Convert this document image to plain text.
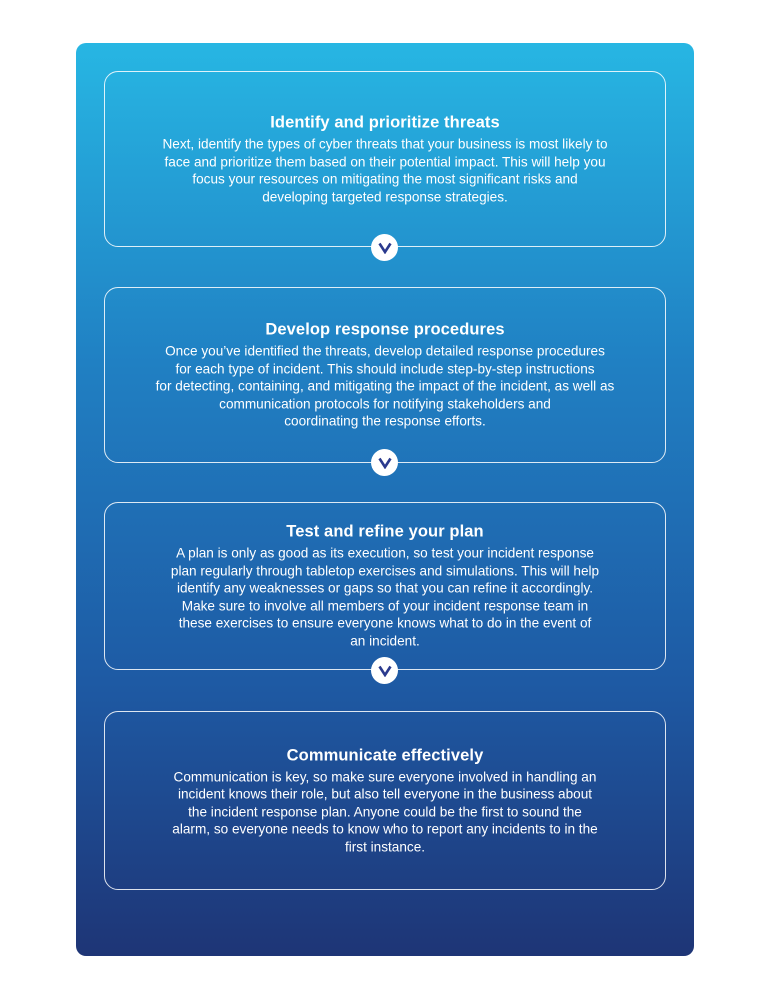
Identify and prioritize threats

Next, identify the types of cyber threats that your business is most likely to
face and prioritize them based on their potential impact. This will help you
focus your resources on mitigating the most significant risks and
developing targeted response strategies.

Develop response procedures

Once you’ve identified the threats, develop detailed response procedures
for each type of incident. This should include step-by-step instructions
for detecting, containing, and mitigating the impact of the incident, as well as
communication protocols for notifying stakeholders and
coordinating the response efforts.

Test and refine your plan

A plan is only as good as its execution, so test your incident response
plan regularly through tabletop exercises and simulations. This will help
identify any weaknesses or gaps so that you can refine it accordingly.
Make sure to involve all members of your incident response team in
these exercises to ensure everyone knows what to do in the event of
an incident.

Communicate effectively

Communication is key, so make sure everyone involved in handling an
incident knows their role, but also tell everyone in the business about
the incident response plan. Anyone could be the first to sound the
alarm, so everyone needs to know who to report any incidents to in the
first instance.
